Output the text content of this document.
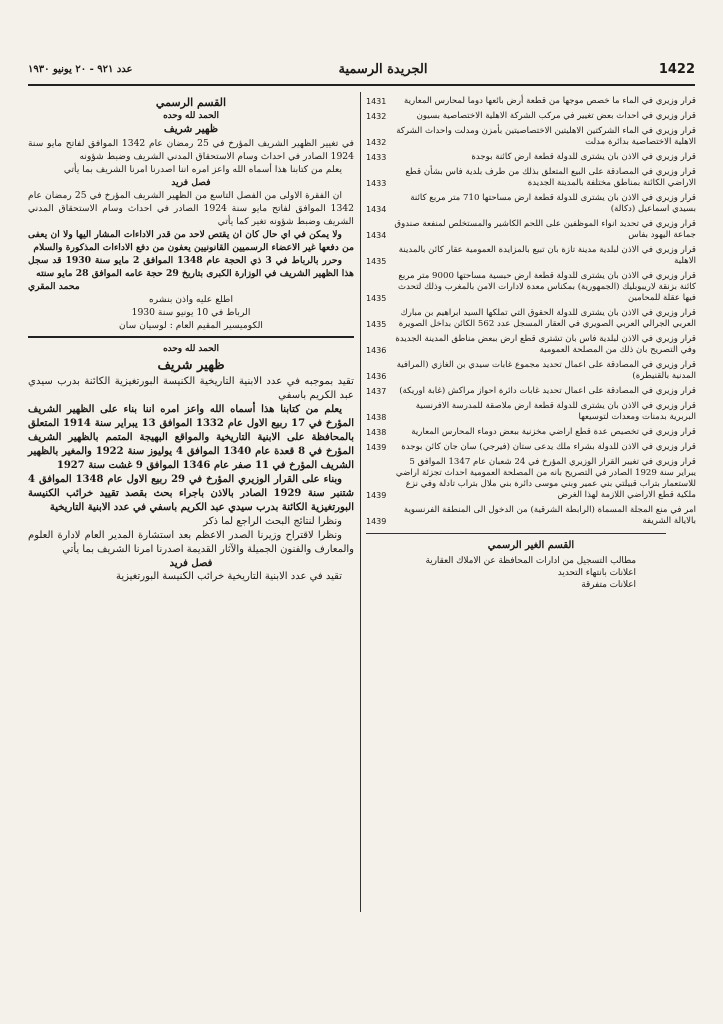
1422
الجريدة الرسمية
عدد ۹۲۱ - ۲۰ يونيو ۱۹۳۰
قرار وزيري في الماء ما خصص موجها من قطعة أرض بائعها دوما لمحارس المعارية
1431
قرار وزيري في احداث بعض تغيير في مركب الشركة الاهلية الاختصاصية بسيون
1432
قرار وزيري في الماء الشركتين الاهليتين الاختصاصيتين بأمزن ومدلت واحداث الشركة الاهلية الاختصاصية بدائرة مدلت
1432
قرار وزيري في الاذن بان يشترى للدولة قطعة ارض كائنة بوجدة
1433
قرار وزيري في المصادقة على البيع المتعلق بذلك من طرف بلدية فاس بشأن قطع الاراضي الكائنة بمناطق مختلفة بالمدينة الجديدة
1433
قرار وزيري في الاذن بان يشترى للدولة قطعة ارض مساحتها 710 متر مربع كائنة بسيدي اسماعيل (دكالة)
1434
قرار وزيري في تحديد انواء الموظفين على اللحم الكاشير والمستخلص لمنفعة صندوق جماعة اليهود بفاس
1434
قرار وزيري في الاذن لبلدية مدينة تازة بان تبيع بالمزايدة العمومية عقار كائن بالمدينة الاهلية
1435
قرار وزيري في الاذن بان يشترى للدولة قطعة ارض حبسية مساحتها 9000 متر مربع كائنة بزنقة لاريبوبليك (الجمهورية) بمكناس معدة لادارات الامن بالمغرب وذلك لتحدث فيها عقلة للمحامين
1435
قرار وزيري في الاذن بان يشترى للدولة الحقوق التي تملكها السيد ابراهيم بن مبارك العربي الجرالي العربي الصويري في العقار المسجل عدد 562 الكائن بداخل الصويرة
1435
قرار وزيري في الاذن لبلدية فاس بان تشترى قطع ارض ببعض مناطق المدينة الجديدة وفي التصريح بان ذلك من المصلحة العمومية
1436
قرار وزيري في المصادقة على اعمال تحديد مجموع غابات سيدي بن الغازي (المرافية المدنية بالقنيطرة)
1436
قرار وزيري في المصادقة على اعمال تحديد غابات دائرة احواز مراكش (غابة اوريكة)
1437
قرار وزيري في الاذن بان يشترى للدولة قطعة ارض ملاصقة للمدرسة الافرنسية البربرية بدمنات ومعدات لتوسيعها
1438
قرار وزيري في تخصيص عدة قطع اراضي مخزنية ببعض دوماء المحارس المعارية
1438
قرار وزيري في الاذن للدولة بشراء ملك يدعى ستان (فيرجي) سان جان كائن بوجدة
1439
قرار وزيري في تغيير القرار الوزيري المؤرخ في 24 شعبان عام 1347 الموافق 5 يبراير سنة 1929 الصادر في التصريح بانه من المصلحة العمومية احداث تجزئة اراضي للاستعمار بتراب قبيلتي بني عمير وبني موسى دائرة بني ملال بتراب تادلة وفي نزع ملكية قطع الاراضي اللازمة لهذا الغرض
1439
امر في منع المجلة المسماة (الرابطة الشرقية) من الدخول الى المنطقة الفرنسوية بالايالة الشريفة
1439
القسم الغير الرسمي
مطالب التسجيل من ادارات المحافظة عن الاملاك العقارية
اعلانات بانتهاء التحديد
اعلانات متفرقة
القسم الرسمي
الحمد لله وحده
ظهير شريف
في تغيير الظهير الشريف المؤرخ في 25 رمضان عام 1342 الموافق لفاتح مايو سنة 1924 الصادر في احداث وسام الاستحقاق المدني الشريف وضبط شؤونه
يعلم من كتابنا هذا أسماه الله واعز امره اننا اصدرنا امرنا الشريف بما يأتي
فصل فريد
ان الفقرة الاولى من الفصل التاسع من الظهير الشريف المؤرخ في 25 رمضان عام 1342 الموافق لفاتح مايو سنة 1924 الصادر في احداث وسام الاستحقاق المدني الشريف وضبط شؤونه تغير كما يأتي
ولا يمكن في اي حال كان ان يقتص لاحد من قدر الاداءات المشار اليها ولا ان يعفى من دفعها غير الاعضاء الرسميين القانونيين يعفون من دفع الاداءات المذكورة والسلام
وحرر بالرباط في 3 ذي الحجة عام 1348 الموافق 2 مايو سنة 1930 قد سجل هذا الظهير الشريف في الوزارة الكبرى بتاريخ 29 حجة عامه الموافق 28 مايو سنته
محمد المقري
اطلع عليه واذن بنشره
الرباط في 10 يونيو سنة 1930
الكوميسير المقيم العام : لوسيان سان
الحمد لله وحده
ظهير شريف
تقيد بموجبه في عدد الابنية التاريخية الكنيسة البورتغيزية الكائنة بدرب سيدي عبد الكريم باسفي
يعلم من كتابنا هذا أسماه الله واعز امره اننا بناء على الظهير الشريف المؤرخ في 17 ربيع الاول عام 1332 الموافق 13 يبراير سنة 1914 المتعلق بالمحافظة على الابنية التاريخية والمواقع البهيجة المتمم بالظهير الشريف المؤرخ في 8 قعدة عام 1340 الموافق 4 يوليوز سنة 1922 والمغير بالظهير الشريف المؤرخ في 11 صفر عام 1346 الموافق 9 غشت سنة 1927
وبناء على القرار الوزيري المؤرخ في 29 ربيع الاول عام 1348 الموافق 4 شتنبر سنة 1929 الصادر بالاذن باجراء بحث بقصد تقييد خرائب الكنيسة البورتغيزية الكائنة بدرب سيدي عبد الكريم باسفي في عدد الابنية التاريخية
ونظرا لنتائج البحث الراجع لما ذكر
ونظرا لاقتراح وزيرنا الصدر الاعظم بعد استشارة المدير العام لادارة العلوم والمعارف والفنون الجميلة والآثار القديمة اصدرنا امرنا الشريف بما يأتي
فصل فريد
تقيد في عدد الابنية التاريخية خرائب الكنيسة البورتغيزية
